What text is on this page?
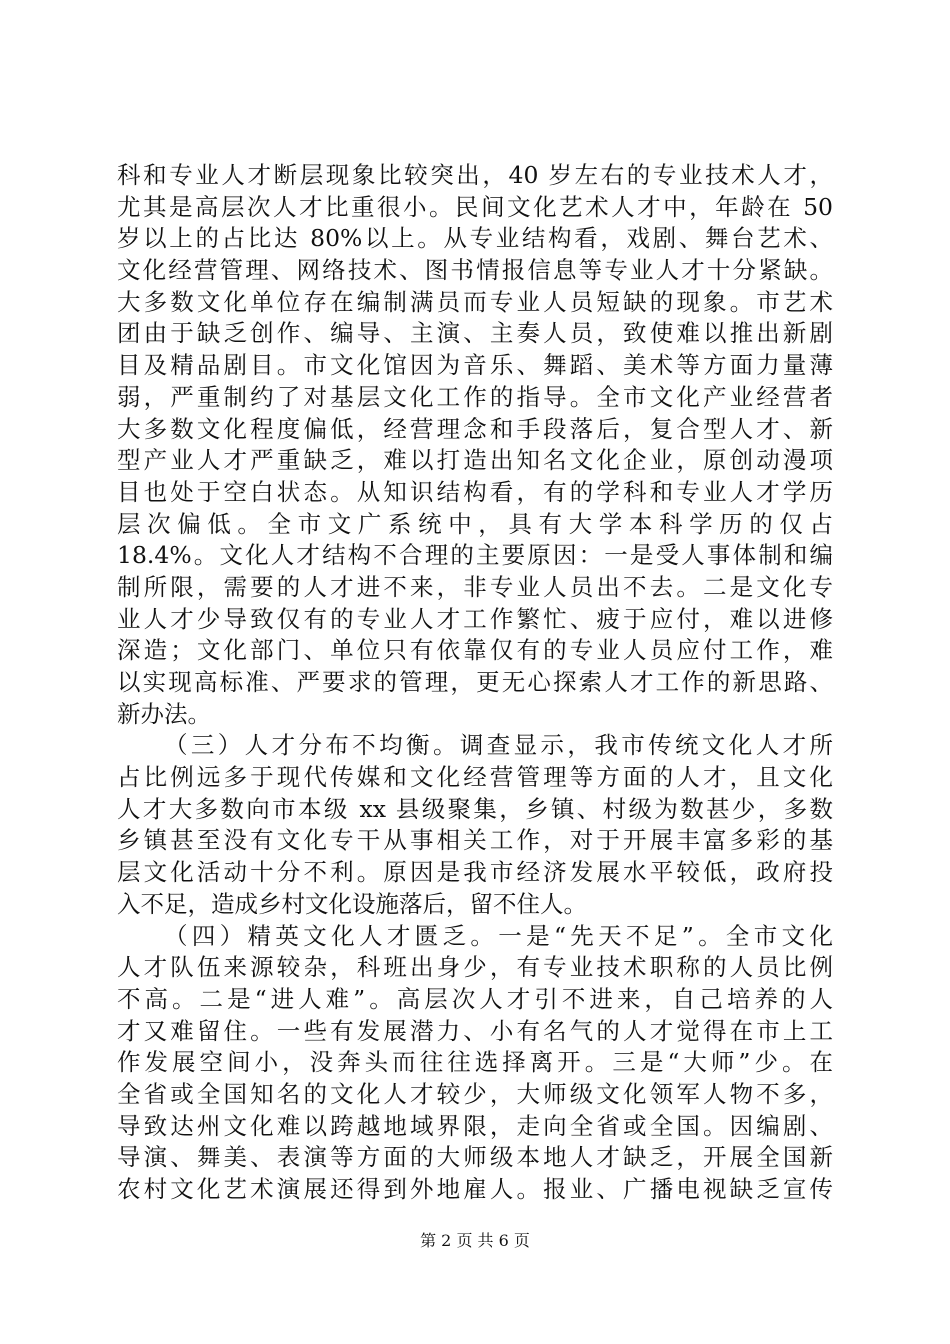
科和专业人才断层现象比较突出，40 岁左右的专业技术人才，
尤其是高层次人才比重很小。民间文化艺术人才中，年龄在 50
岁以上的占比达 80%以上。从专业结构看，戏剧、舞台艺术、
文化经营管理、网络技术、图书情报信息等专业人才十分紧缺。
大多数文化单位存在编制满员而专业人员短缺的现象。市艺术
团由于缺乏创作、编导、主演、主奏人员，致使难以推出新剧
目及精品剧目。市文化馆因为音乐、舞蹈、美术等方面力量薄
弱，严重制约了对基层文化工作的指导。全市文化产业经营者
大多数文化程度偏低，经营理念和手段落后，复合型人才、新
型产业人才严重缺乏，难以打造出知名文化企业，原创动漫项
目也处于空白状态。从知识结构看，有的学科和专业人才学历
层次偏低。全市文广系统中，具有大学本科学历的仅占
18.4%。文化人才结构不合理的主要原因：一是受人事体制和编
制所限，需要的人才进不来，非专业人员出不去。二是文化专
业人才少导致仅有的专业人才工作繁忙、疲于应付，难以进修
深造；文化部门、单位只有依靠仅有的专业人员应付工作，难
以实现高标准、严要求的管理，更无心探索人才工作的新思路、
新办法。
（三）人才分布不均衡。调查显示，我市传统文化人才所
占比例远多于现代传媒和文化经营管理等方面的人才，且文化
人才大多数向市本级 xx 县级聚集，乡镇、村级为数甚少，多数
乡镇甚至没有文化专干从事相关工作，对于开展丰富多彩的基
层文化活动十分不利。原因是我市经济发展水平较低，政府投
入不足，造成乡村文化设施落后，留不住人。
（四）精英文化人才匮乏。一是“先天不足”。全市文化
人才队伍来源较杂，科班出身少，有专业技术职称的人员比例
不高。二是“进人难”。高层次人才引不进来，自己培养的人
才又难留住。一些有发展潜力、小有名气的人才觉得在市上工
作发展空间小，没奔头而往往选择离开。三是“大师”少。在
全省或全国知名的文化人才较少，大师级文化领军人物不多，
导致达州文化难以跨越地域界限，走向全省或全国。因编剧、
导演、舞美、表演等方面的大师级本地人才缺乏，开展全国新
农村文化艺术演展还得到外地雇人。报业、广播电视缺乏宣传
第 2 页 共 6 页
